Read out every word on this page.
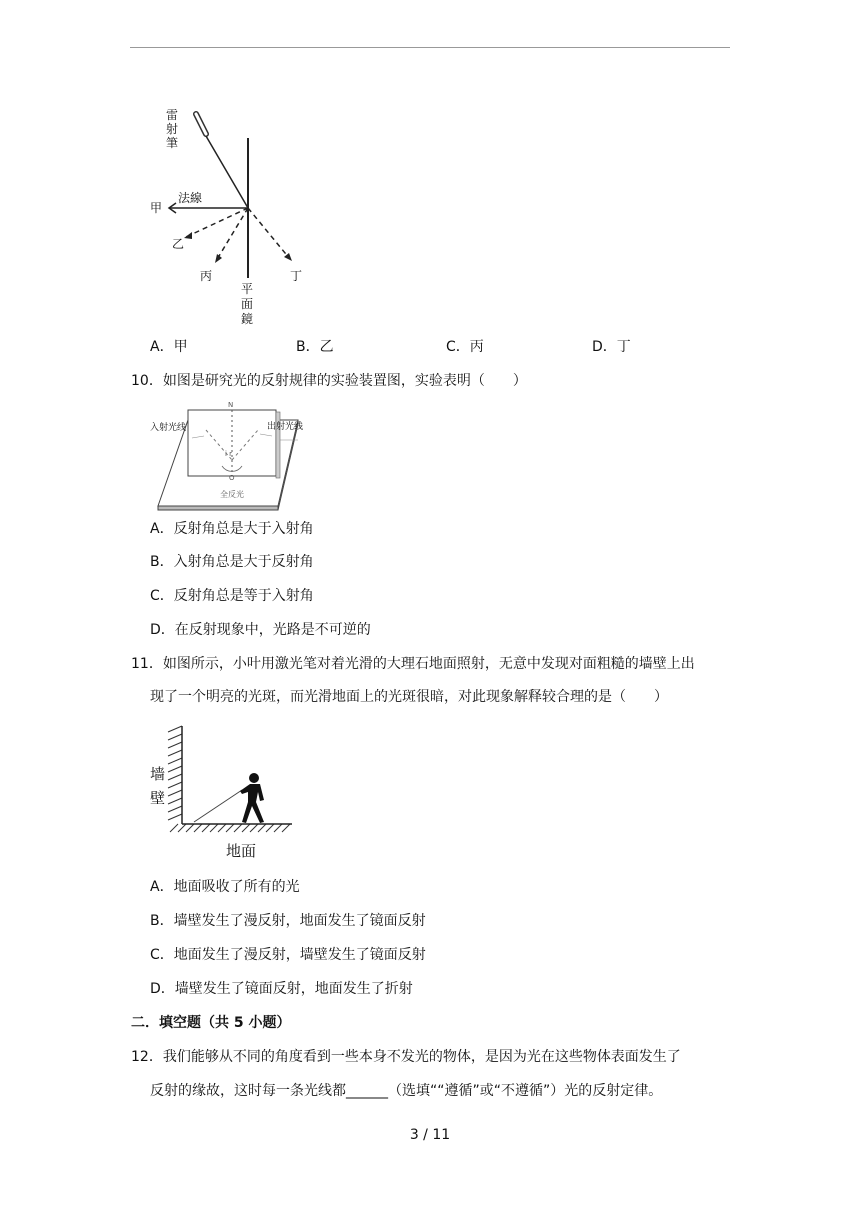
雷射筆
法線
甲
乙
丙	丁
平面鏡
A．甲	B．乙	C．丙	D．丁
10．如图是研究光的反射规律的实验装置图，实验表明（　　）
入射光线	出射光线
N
i r
O
全反光
A．反射角总是大于入射角
B．入射角总是大于反射角
C．反射角总是等于入射角
D．在反射现象中，光路是不可逆的
11．如图所示，小叶用激光笔对着光滑的大理石地面照射，无意中发现对面粗糙的墙壁上出
现了一个明亮的光斑，而光滑地面上的光斑很暗，对此现象解释较合理的是（　　）
墙
壁
地面
A．地面吸收了所有的光
B．墙壁发生了漫反射，地面发生了镜面反射
C．地面发生了漫反射，墙壁发生了镜面反射
D．墙壁发生了镜面反射，地面发生了折射
二．填空题（共 5 小题）
12．我们能够从不同的角度看到一些本身不发光的物体，是因为光在这些物体表面发生了
反射的缘故，这时每一条光线都______（选填““遵循”或“不遵循”）光的反射定律。
3 / 11
